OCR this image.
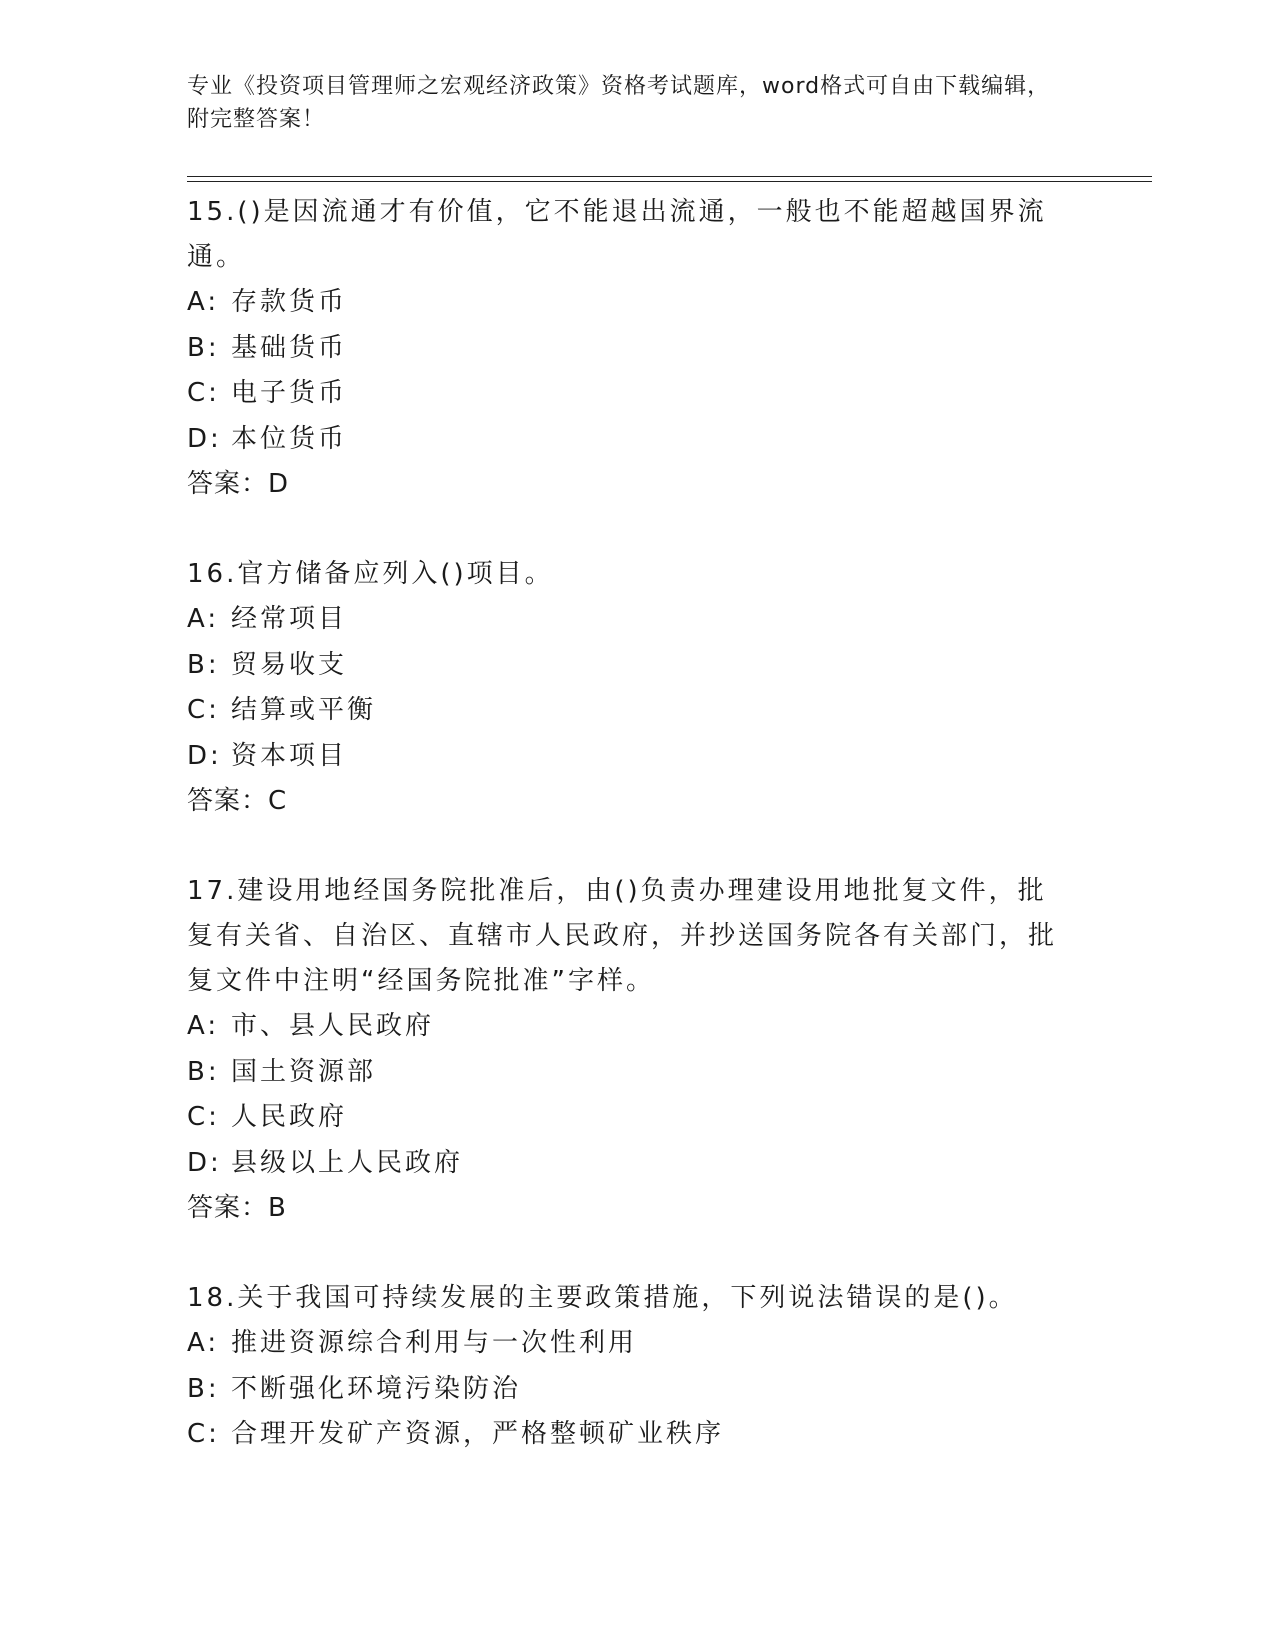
专业《投资项目管理师之宏观经济政策》资格考试题库，word格式可自由下载编辑，附完整答案！

15.()是因流通才有价值，它不能退出流通，一般也不能超越国界流通。

A: 存款货币
B: 基础货币
C: 电子货币
D: 本位货币
答案：D

16.官方储备应列入()项目。

A: 经常项目
B: 贸易收支
C: 结算或平衡
D: 资本项目
答案：C

17.建设用地经国务院批准后，由()负责办理建设用地批复文件，批复有关省、自治区、直辖市人民政府，并抄送国务院各有关部门，批复文件中注明“经国务院批准”字样。

A: 市、县人民政府
B: 国土资源部
C: 人民政府
D: 县级以上人民政府
答案：B

18.关于我国可持续发展的主要政策措施，下列说法错误的是()。

A: 推进资源综合利用与一次性利用
B: 不断强化环境污染防治
C: 合理开发矿产资源，严格整顿矿业秩序
